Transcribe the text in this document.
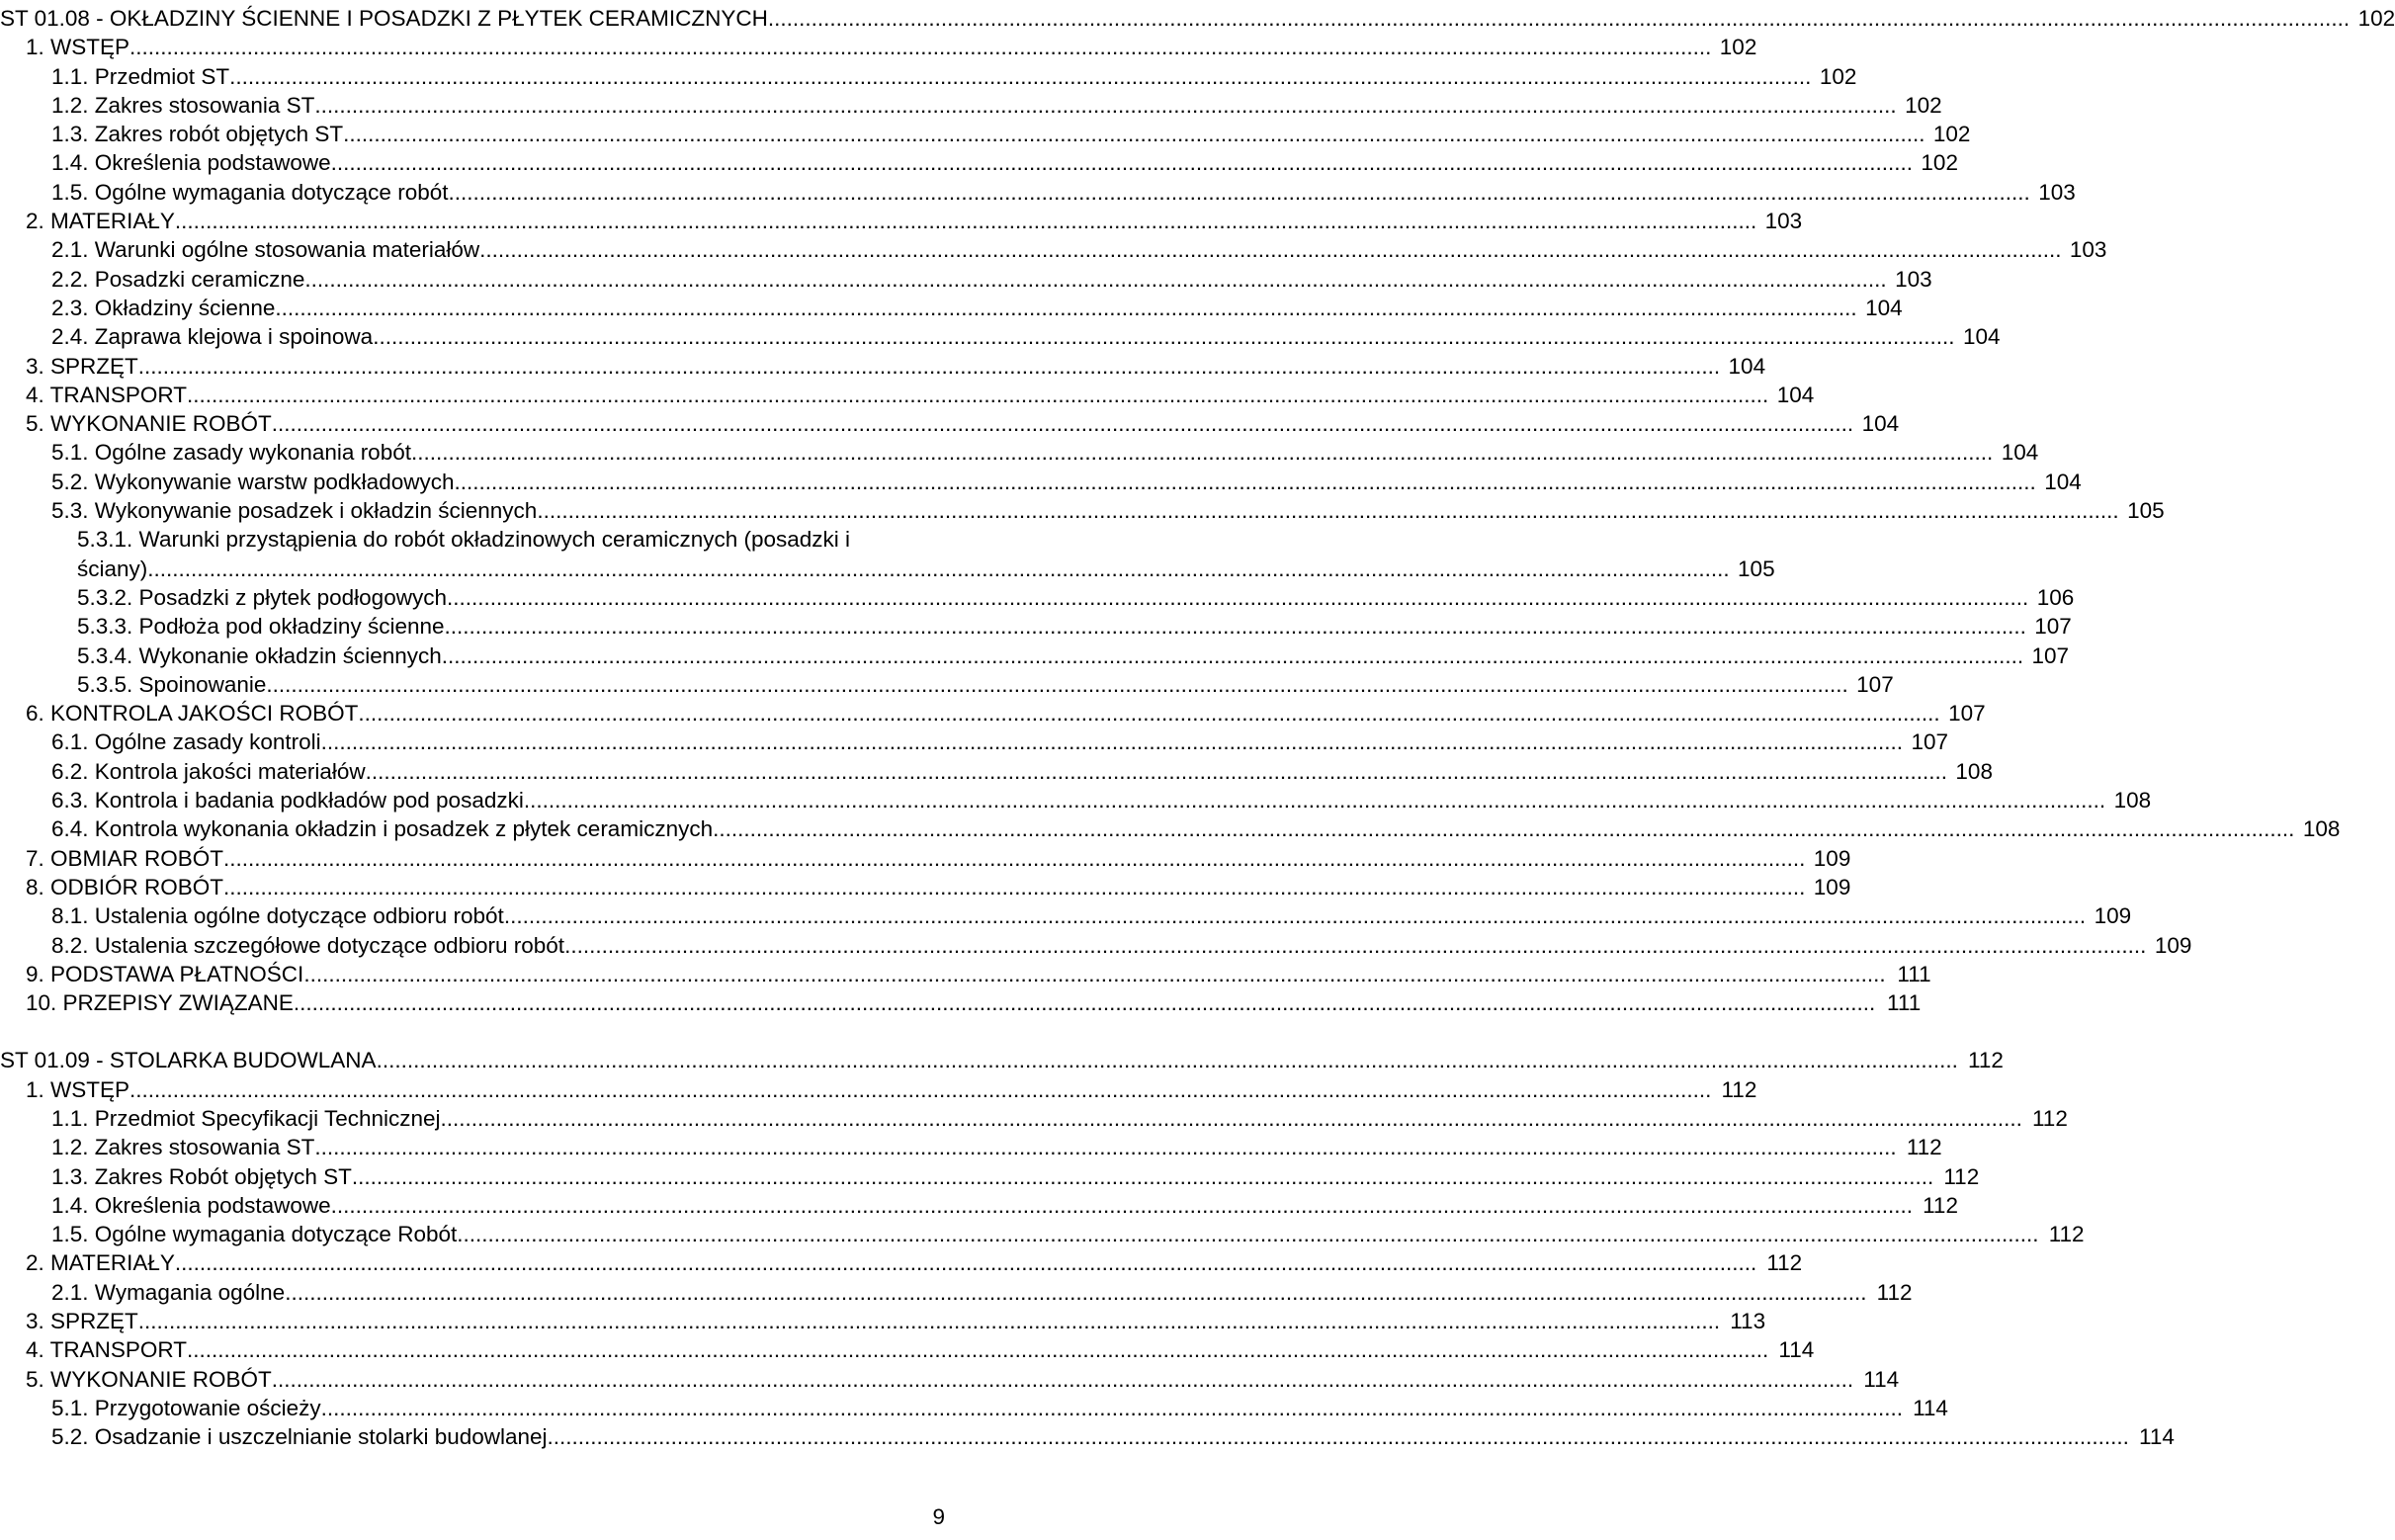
ST 01.08 - OKŁADZINY ŚCIENNE I POSADZKI Z PŁYTEK CERAMICZNYCH .....	102
1. WSTĘP .....	102
1.1. Przedmiot ST .....	102
1.2. Zakres stosowania ST .....	102
1.3. Zakres robót objętych ST .....	102
1.4. Określenia podstawowe .....	102
1.5. Ogólne wymagania dotyczące robót .....	103
2. MATERIAŁY .....	103
2.1. Warunki ogólne stosowania materiałów .....	103
2.2. Posadzki ceramiczne .....	103
2.3. Okładziny ścienne .....	104
2.4. Zaprawa klejowa i spoinowa .....	104
3. SPRZĘT .....	104
4. TRANSPORT .....	104
5. WYKONANIE ROBÓT .....	104
5.1. Ogólne zasady wykonania robót .....	104
5.2. Wykonywanie warstw podkładowych .....	104
5.3. Wykonywanie posadzek i okładzin ściennych .....	105
5.3.1. Warunki przystąpienia do robót okładzinowych ceramicznych (posadzki i
ściany) .....	105
5.3.2. Posadzki z płytek podłogowych .....	106
5.3.3. Podłoża pod okładziny ścienne .....	107
5.3.4. Wykonanie okładzin ściennych .....	107
5.3.5. Spoinowanie .....	107
6. KONTROLA JAKOŚCI ROBÓT .....	107
6.1. Ogólne zasady kontroli .....	107
6.2. Kontrola jakości materiałów .....	108
6.3. Kontrola i badania podkładów pod posadzki .....	108
6.4. Kontrola wykonania okładzin i posadzek z płytek ceramicznych .....	108
7. OBMIAR ROBÓT .....	109
8. ODBIÓR ROBÓT .....	109
8.1. Ustalenia ogólne dotyczące odbioru robót .....	109
8.2. Ustalenia szczegółowe dotyczące odbioru robót .....	109
9. PODSTAWA PŁATNOŚCI .....	111
10. PRZEPISY ZWIĄZANE .....	111
ST 01.09 - STOLARKA BUDOWLANA .....	112
1. WSTĘP .....	112
1.1. Przedmiot Specyfikacji Technicznej .....	112
1.2. Zakres stosowania ST .....	112
1.3. Zakres Robót objętych ST .....	112
1.4. Określenia podstawowe .....	112
1.5. Ogólne wymagania dotyczące Robót .....	112
2. MATERIAŁY .....	112
2.1. Wymagania ogólne .....	112
3. SPRZĘT .....	113
4. TRANSPORT .....	114
5. WYKONANIE ROBÓT .....	114
5.1. Przygotowanie ościeży .....	114
5.2. Osadzanie i uszczelnianie stolarki budowlanej .....	114
9
